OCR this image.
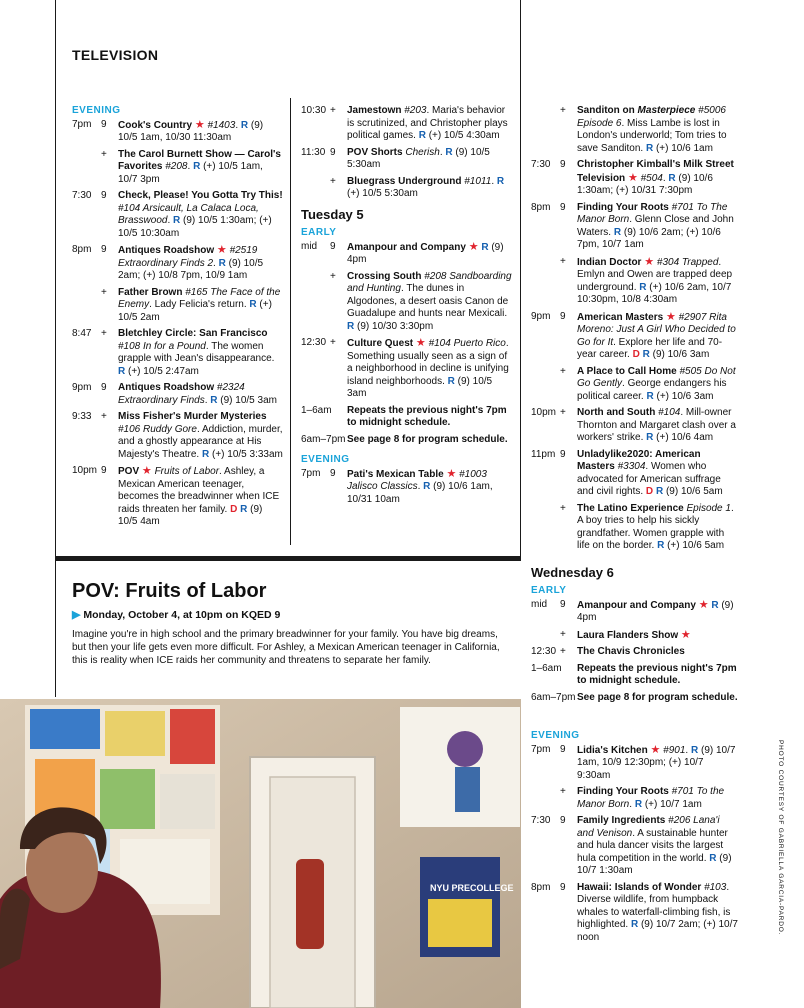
TELEVISION
EVENING
7pm 9	Cook's Country ★ #1403. R (9) 10/5 1am, 10/30 11:30am
+	The Carol Burnett Show — Carol's Favorites #208. R (+) 10/5 1am, 10/7 3pm
7:30 9	Check, Please! You Gotta Try This! #104 Arsicault, La Calaca Loca, Brasswood. R (9) 10/5 1:30am; (+) 10/5 10:30am
8pm 9	Antiques Roadshow ★ #2519 Extraordinary Finds 2. R (9) 10/5 2am; (+) 10/8 7pm, 10/9 1am
+	Father Brown #165 The Face of the Enemy. Lady Felicia's return. R (+) 10/5 2am
8:47 +	Bletchley Circle: San Francisco #108 In for a Pound. The women grapple with Jean's disappearance. R (+) 10/5 2:47am
9pm 9	Antiques Roadshow #2324 Extraordinary Finds. R (9) 10/5 3am
9:33 +	Miss Fisher's Murder Mysteries #106 Ruddy Gore. Addiction, murder, and a ghostly appearance at His Majesty's Theatre. R (+) 10/5 3:33am
10pm 9	POV ★ Fruits of Labor. Ashley, a Mexican American teenager, becomes the breadwinner when ICE raids threaten her family. D R (9) 10/5 4am
10:30 +	Jamestown #203. Maria's behavior is scrutinized, and Christopher plays political games. R (+) 10/5 4:30am
11:30 9	POV Shorts Cherish. R (9) 10/5 5:30am
+	Bluegrass Underground #1011. R (+) 10/5 5:30am
Tuesday 5
EARLY
mid	9	Amanpour and Company ★ R (9) 4pm
+	Crossing South #208 Sandboarding and Hunting. The dunes in Algodones, a desert oasis Canon de Guadalupe and hunts near Mexicali. R (9) 10/30 3:30pm
12:30 +	Culture Quest ★ #104 Puerto Rico. Something usually seen as a sign of a neighborhood in decline is unifying island neighborhoods. R (9) 10/5 3am
1–6am Repeats the previous night's 7pm to midnight schedule.
6am–7pm See page 8 for program schedule.
EVENING
7pm 9	Pati's Mexican Table ★ #1003 Jalisco Classics. R (9) 10/6 1am, 10/31 10am
+	Sanditon on Masterpiece #5006 Episode 6. Miss Lambe is lost in London's underworld; Tom tries to save Sanditon. R (+) 10/6 1am
7:30 9	Christopher Kimball's Milk Street Television ★ #504. R (9) 10/6 1:30am; (+) 10/31 7:30pm
8pm 9	Finding Your Roots #701 To The Manor Born. Glenn Close and John Waters. R (9) 10/6 2am; (+) 10/6 7pm, 10/7 1am
+	Indian Doctor ★ #304 Trapped. Emlyn and Owen are trapped deep underground. R (+) 10/6 2am, 10/7 10:30pm, 10/8 4:30am
9pm 9	American Masters ★ #2907 Rita Moreno: Just A Girl Who Decided to Go for It. Explore her life and 70-year career. D R (9) 10/6 3am
+	A Place to Call Home #505 Do Not Go Gently. George endangers his political career. R (+) 10/6 3am
10pm +	North and South #104. Mill-owner Thornton and Margaret clash over a workers' strike. R (+) 10/6 4am
11pm 9	Unladylike2020: American Masters #3304. Women who advocated for American suffrage and civil rights. D R (9) 10/6 5am
+	The Latino Experience Episode 1. A boy tries to help his sickly grandfather. Women grapple with life on the border. R (+) 10/6 5am
Wednesday 6
EARLY
mid	9	Amanpour and Company ★ R (9) 4pm
+	Laura Flanders Show ★
12:30 +	The Chavis Chronicles
1–6am Repeats the previous night's 7pm to midnight schedule.
6am–7pm See page 8 for program schedule.
EVENING
7pm 9	Lidia's Kitchen ★ #901. R (9) 10/7 1am, 10/9 12:30pm; (+) 10/7 9:30am
+	Finding Your Roots #701 To the Manor Born. R (+) 10/7 1am
7:30 9	Family Ingredients #206 Lana'i and Venison. A sustainable hunter and hula dancer visits the largest hula competition in the world. R (9) 10/7 1:30am
8pm 9	Hawaii: Islands of Wonder #103. Diverse wildlife, from humpback whales to waterfall-climbing fish, is highlighted. R (9) 10/7 2am; (+) 10/7 noon
POV: Fruits of Labor
▶ Monday, October 4, at 10pm on KQED 9
Imagine you're in high school and the primary breadwinner for your family. You have big dreams, but then your life gets even more difficult. For Ashley, a Mexican American teenager in California, this is reality when ICE raids her community and threatens to separate her family.
NYU PRECOLLEGE	PHOTO COURTESY OF GABRIELLA GARCIA-PARDO.
